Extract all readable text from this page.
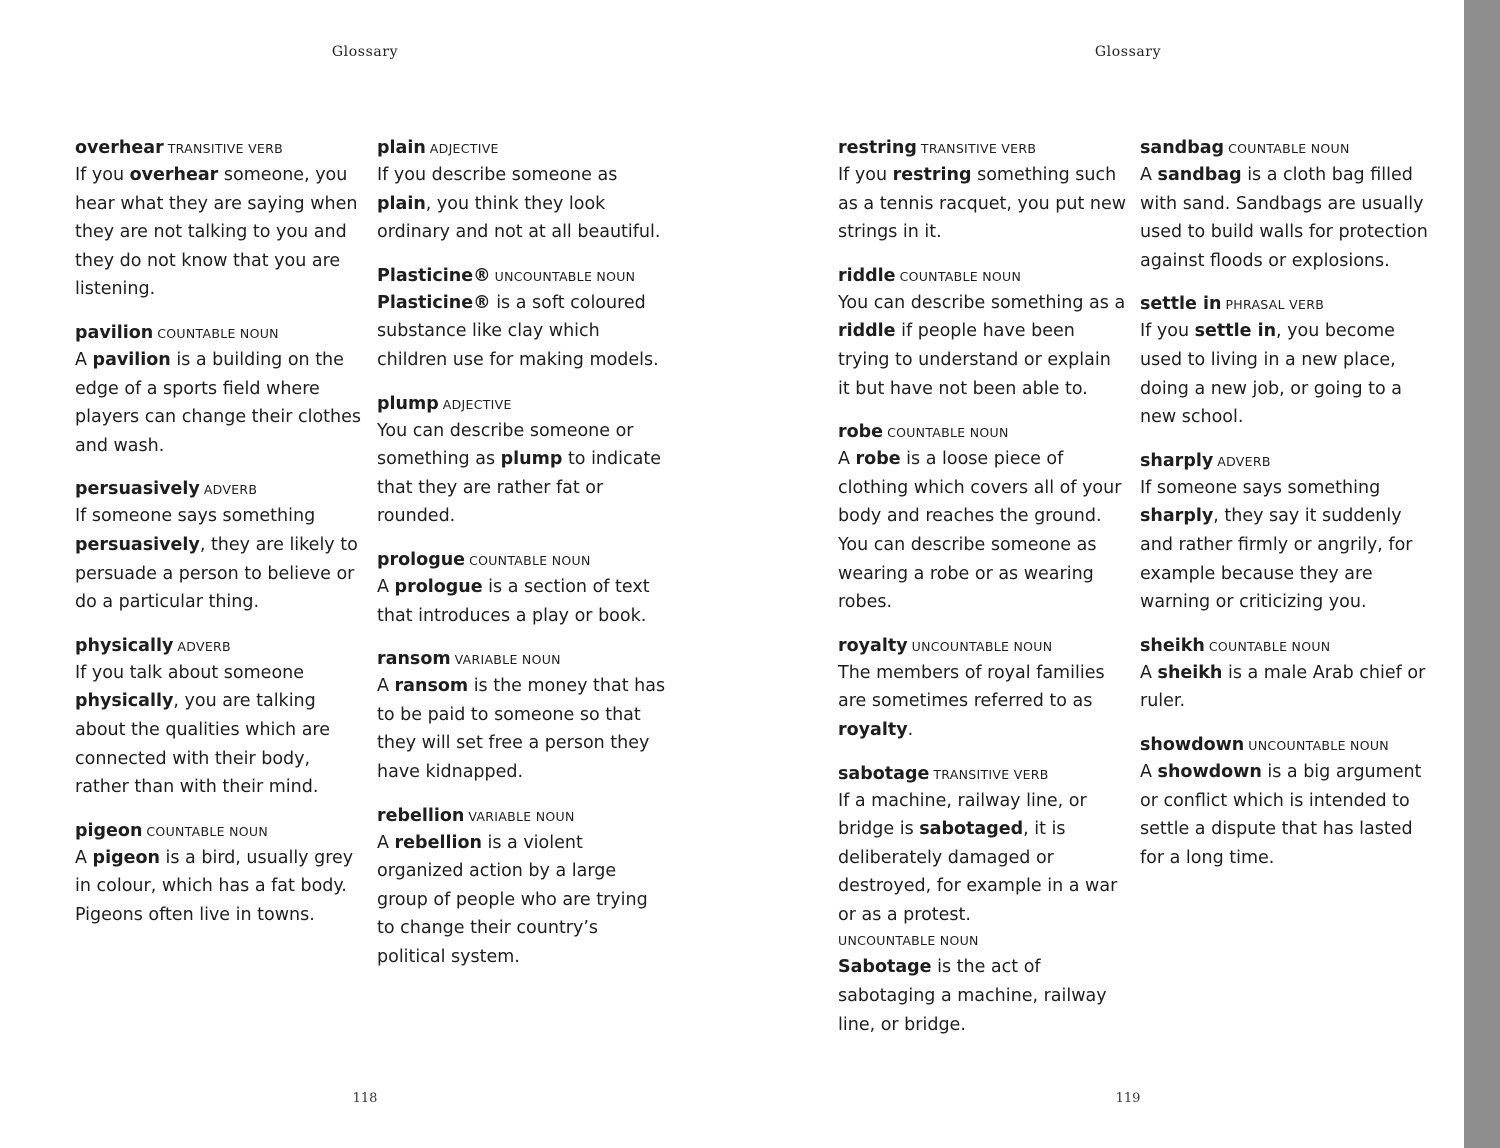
Glossary
overhear TRANSITIVE VERB

If you overhear someone, you hear what they are saying when they are not talking to you and they do not know that you are listening.

pavilion COUNTABLE NOUN

A pavilion is a building on the edge of a sports field where players can change their clothes and wash.

persuasively ADVERB

If someone says something persuasively, they are likely to persuade a person to believe or do a particular thing.

physically ADVERB

If you talk about someone physically, you are talking about the qualities which are connected with their body, rather than with their mind.

pigeon COUNTABLE NOUN

A pigeon is a bird, usually grey in colour, which has a fat body. Pigeons often live in towns.

plain ADJECTIVE

If you describe someone as plain, you think they look ordinary and not at all beautiful.

Plasticine® UNCOUNTABLE NOUN

Plasticine® is a soft coloured substance like clay which children use for making models.

plump ADJECTIVE

You can describe someone or something as plump to indicate that they are rather fat or rounded.

prologue COUNTABLE NOUN

A prologue is a section of text that introduces a play or book.

ransom VARIABLE NOUN

A ransom is the money that has to be paid to someone so that they will set free a person they have kidnapped.

rebellion VARIABLE NOUN

A rebellion is a violent organized action by a large group of people who are trying to change their country’s political system.

118
Glossary
restring TRANSITIVE VERB

If you restring something such as a tennis racquet, you put new strings in it.

riddle COUNTABLE NOUN

You can describe something as a riddle if people have been trying to understand or explain it but have not been able to.

robe COUNTABLE NOUN

A robe is a loose piece of clothing which covers all of your body and reaches the ground. You can describe someone as wearing a robe or as wearing robes.

royalty UNCOUNTABLE NOUN

The members of royal families are sometimes referred to as royalty.

sabotage TRANSITIVE VERB

If a machine, railway line, or bridge is sabotaged, it is deliberately damaged or destroyed, for example in a war or as a protest.

UNCOUNTABLE NOUN

Sabotage is the act of sabotaging a machine, railway line, or bridge.

sandbag COUNTABLE NOUN

A sandbag is a cloth bag filled with sand. Sandbags are usually used to build walls for protection against floods or explosions.

settle in PHRASAL VERB

If you settle in, you become used to living in a new place, doing a new job, or going to a new school.

sharply ADVERB

If someone says something sharply, they say it suddenly and rather firmly or angrily, for example because they are warning or criticizing you.

sheikh COUNTABLE NOUN

A sheikh is a male Arab chief or ruler.

showdown UNCOUNTABLE NOUN

A showdown is a big argument or conflict which is intended to settle a dispute that has lasted for a long time.

119
